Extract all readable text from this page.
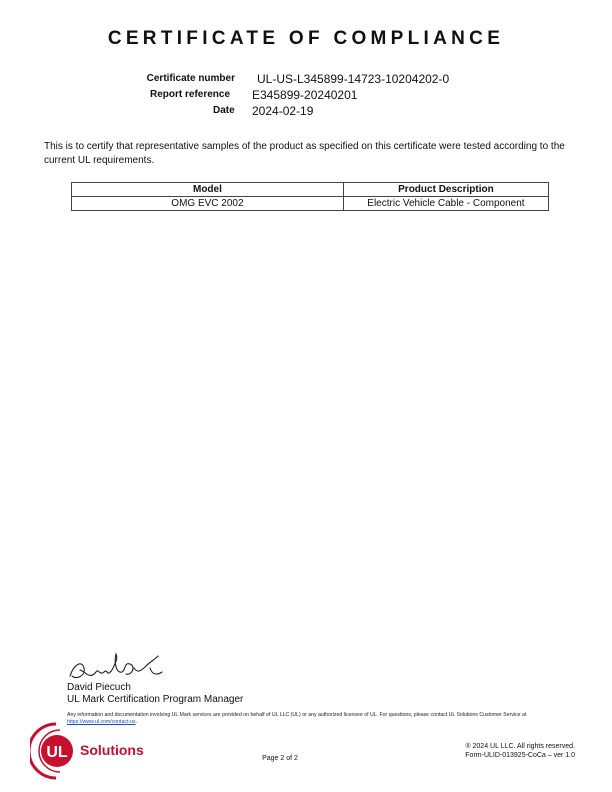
CERTIFICATE OF COMPLIANCE
Certificate number UL-US-L345899-14723-10204202-0
Report reference E345899-20240201
Date 2024-02-19
This is to certify that representative samples of the product as specified on this certificate were tested according to the current UL requirements.
Model	Product Description
OMG EVC 2002	Electric Vehicle Cable - Component
David Piecuch
UL Mark Certification Program Manager
Any information and documentation involving UL Mark services are provided on behalf of UL LLC (UL) or any authorized licensee of UL. For questions, please contact UL Solutions Customer Service at https://www.ul.com/contact-us.
UL Solutions
Page 2 of 2
® 2024 UL LLC. All rights reserved.
Form-ULID-013925-CoCa – ver 1.0
